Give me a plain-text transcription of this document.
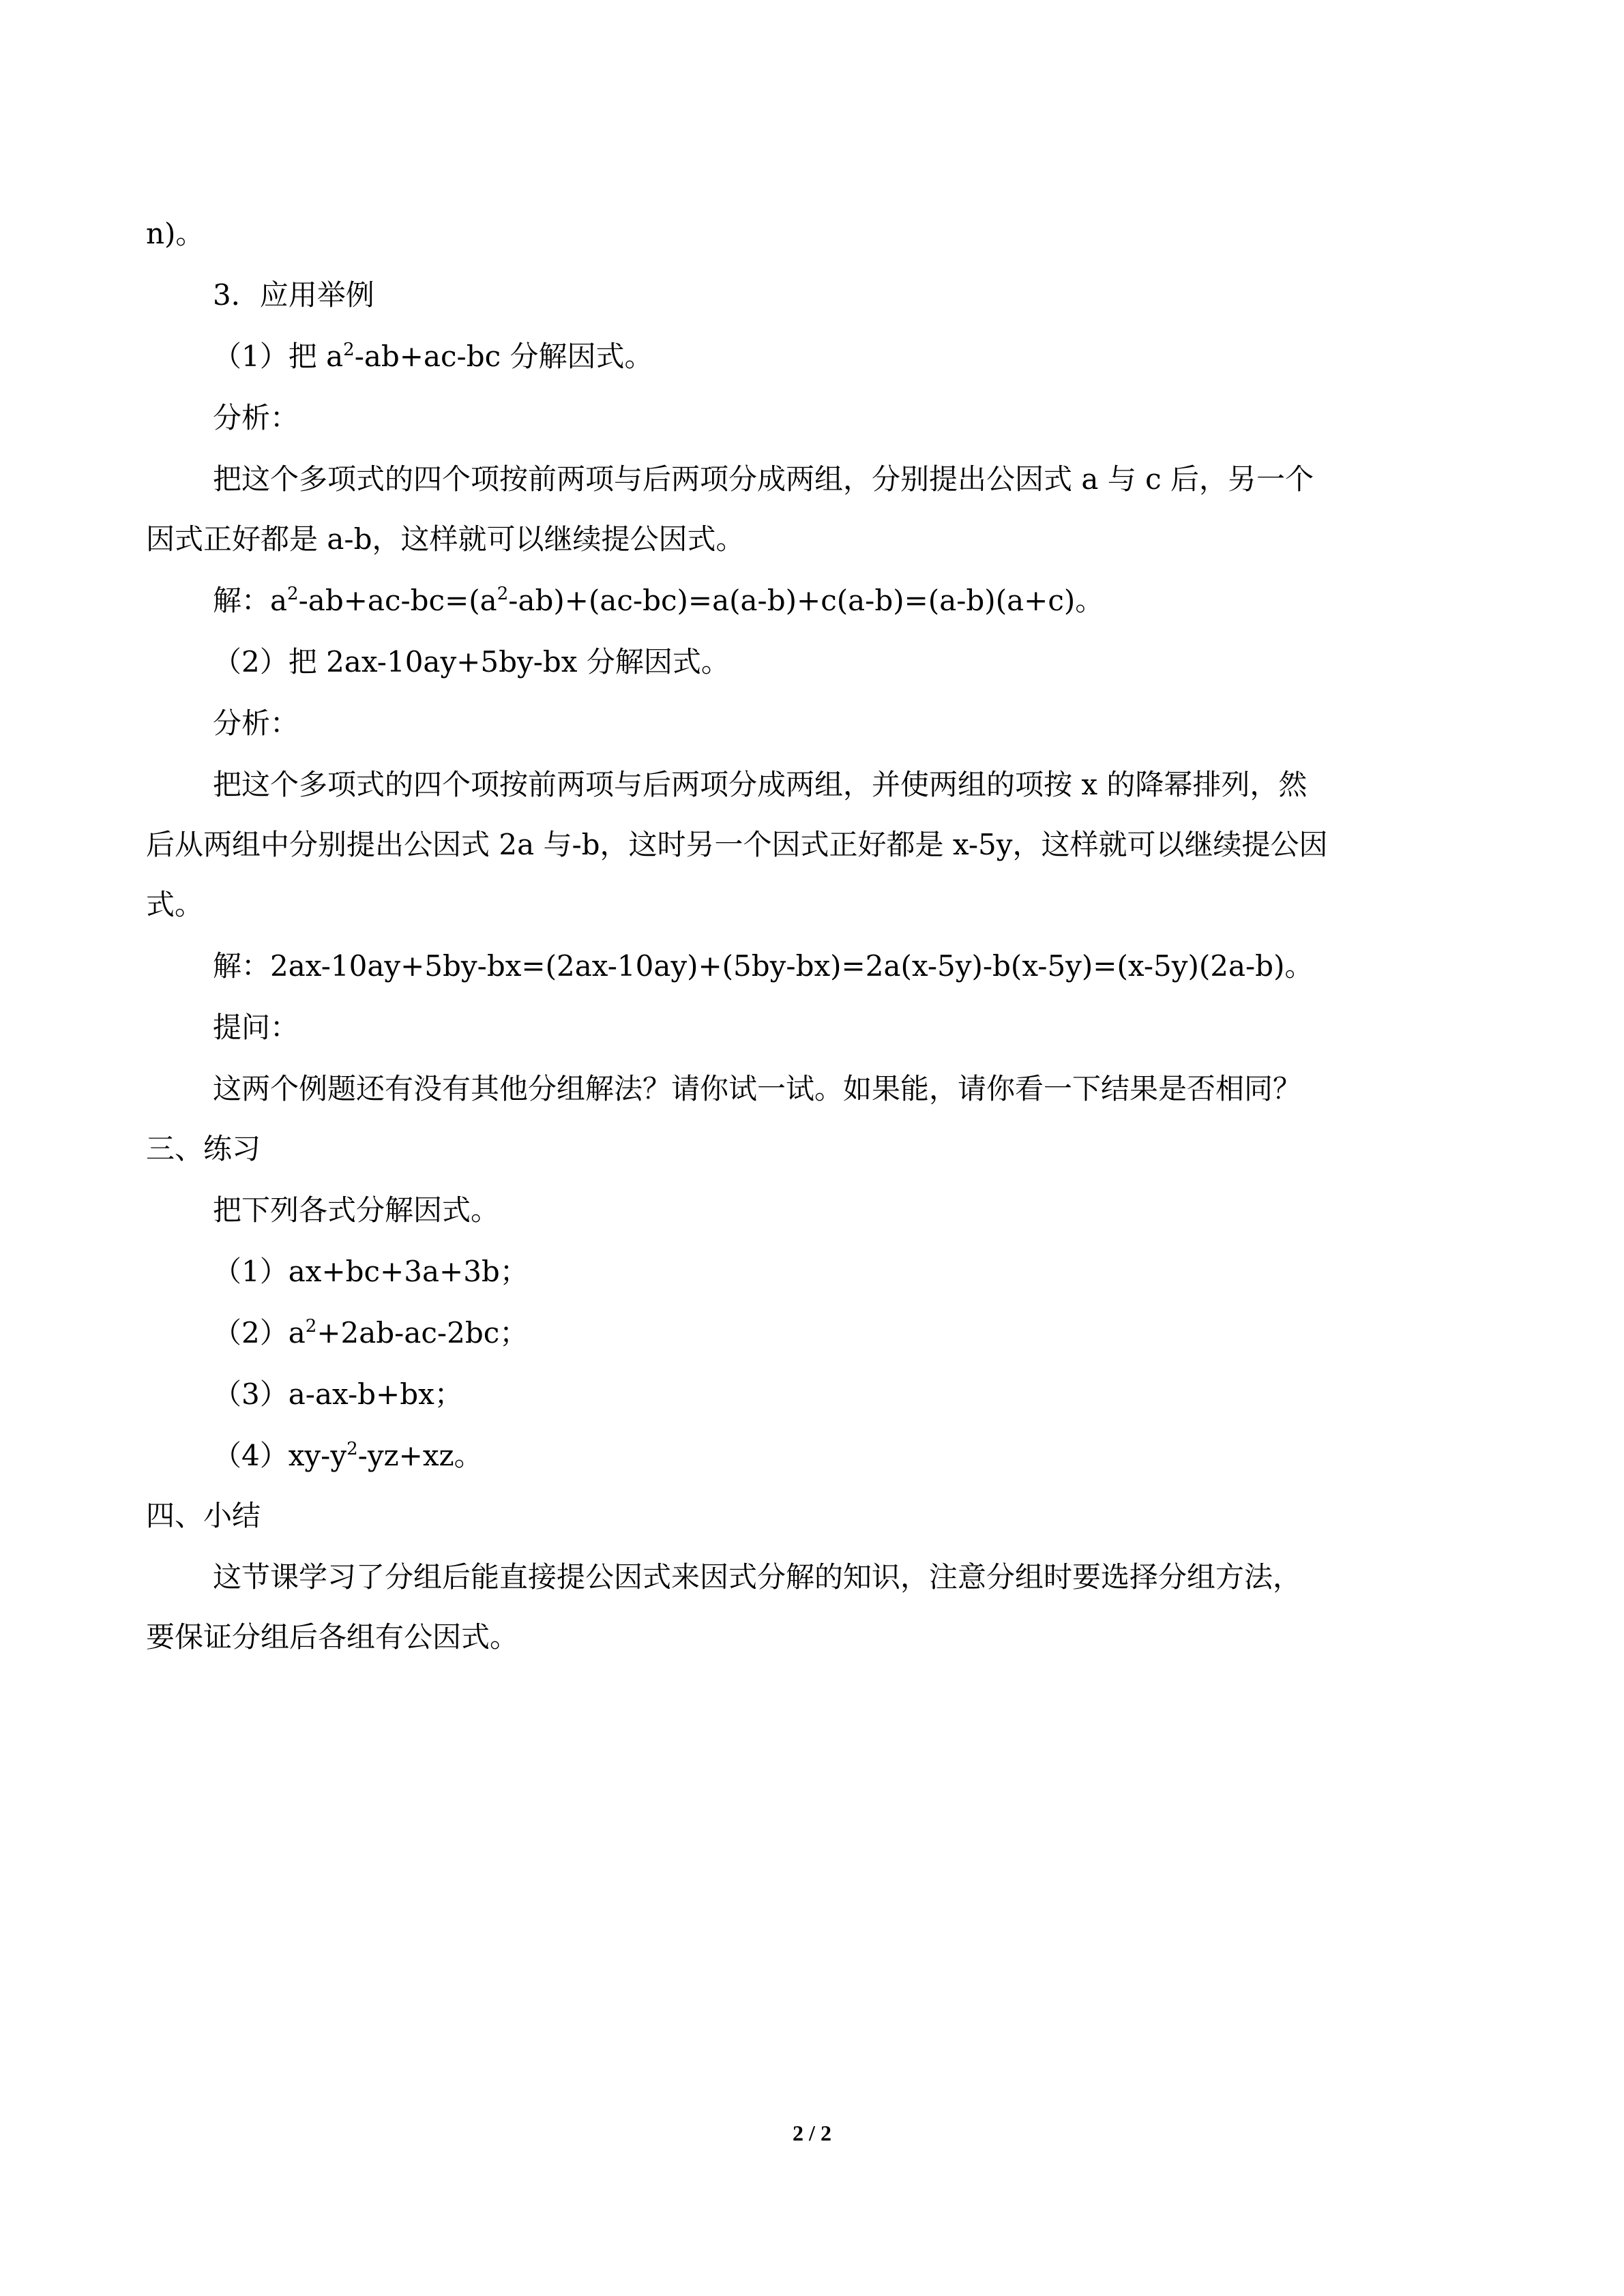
n)。
3．应用举例
（1）把 $a^2-ab+ac-bc$ 分解因式。
分析：
把这个多项式的四个项按前两项与后两项分成两组，分别提出公因式 a 与 c 后，另一个
因式正好都是 a-b，这样就可以继续提公因式。
解：$a^2-ab+ac-bc=(a^2-ab)+(ac-bc)=a(a-b)+c(a-b)=(a-b)(a+c)$。
（2）把 2ax-10ay+5by-bx 分解因式。
分析：
把这个多项式的四个项按前两项与后两项分成两组，并使两组的项按 x 的降幂排列，然
后从两组中分别提出公因式 2a 与-b，这时另一个因式正好都是 x-5y，这样就可以继续提公因
式。
解：2ax-10ay+5by-bx=(2ax-10ay)+(5by-bx)=2a(x-5y)-b(x-5y)=(x-5y)(2a-b)。
提问：
这两个例题还有没有其他分组解法？请你试一试。如果能，请你看一下结果是否相同？
三、练习
把下列各式分解因式。
（1）ax+bc+3a+3b；
$(2)a^2+2ab-ac-2bc$；
（3）a-ax-b+bx；
$(4)xy-y^2-yz+xz$。
四、小结
这节课学习了分组后能直接提公因式来因式分解的知识，注意分组时要选择分组方法，
要保证分组后各组有公因式。
2 / 2
